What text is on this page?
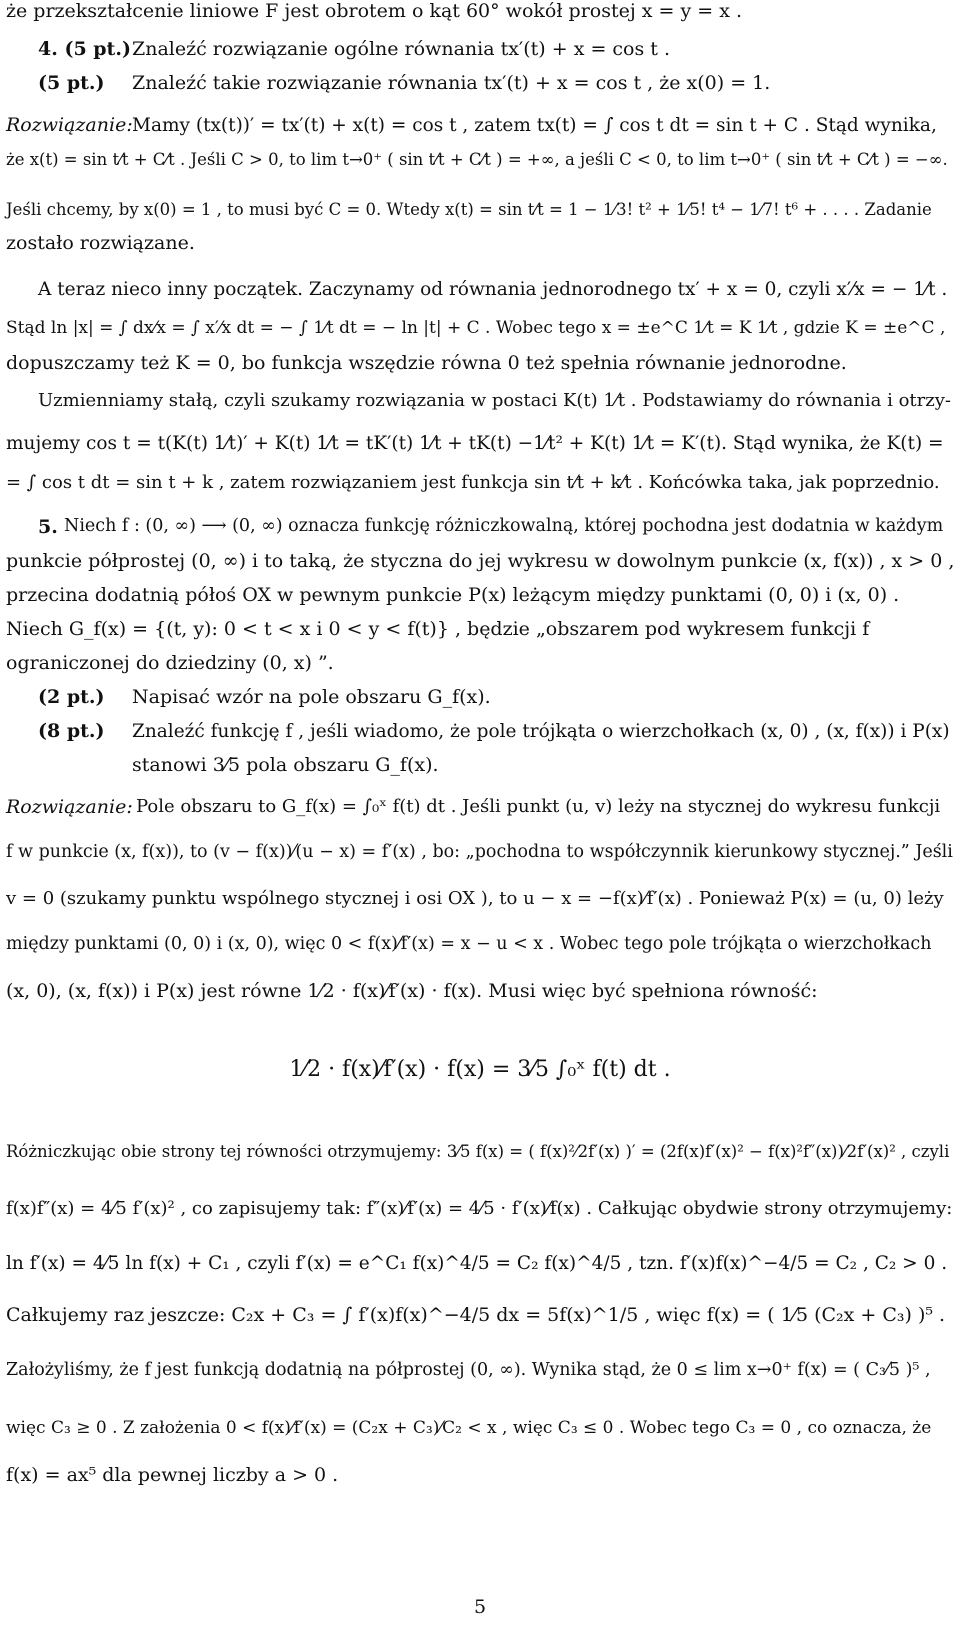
że przekształcenie liniowe F jest obrotem o kąt 60° wokół prostej x = y = x .
4. (5 pt.) Znaleźć rozwiązanie ogólne równania tx′(t) + x = cos t .
(5 pt.) Znaleźć takie rozwiązanie równania tx′(t) + x = cos t , że x(0) = 1.
Rozwiązanie: Mamy (tx(t))′ = tx′(t) + x(t) = cos t , zatem tx(t) = ∫ cos t dt = sin t + C . Stąd wynika,
że x(t) = sin t⁄t + C⁄t . Jeśli C > 0, to lim t→0⁺ ( sin t⁄t + C⁄t ) = +∞, a jeśli C < 0, to lim t→0⁺ ( sin t⁄t + C⁄t ) = −∞.
Jeśli chcemy, by x(0) = 1 , to musi być C = 0. Wtedy x(t) = sin t⁄t = 1 − 1⁄3! t² + 1⁄5! t⁴ − 1⁄7! t⁶ + . . . . Zadanie
zostało rozwiązane.
A teraz nieco inny początek. Zaczynamy od równania jednorodnego tx′ + x = 0, czyli x′⁄x = − 1⁄t .
Stąd ln |x| = ∫ dx⁄x = ∫ x′⁄x dt = − ∫ 1⁄t dt = − ln |t| + C . Wobec tego x = ±e^C 1⁄t = K 1⁄t , gdzie K = ±e^C ,
dopuszczamy też K = 0, bo funkcja wszędzie równa 0 też spełnia równanie jednorodne.
Uzmienniamy stałą, czyli szukamy rozwiązania w postaci K(t) 1⁄t . Podstawiamy do równania i otrzy-
mujemy cos t = t(K(t) 1⁄t)′ + K(t) 1⁄t = tK′(t) 1⁄t + tK(t) −1⁄t² + K(t) 1⁄t = K′(t). Stąd wynika, że K(t) =
= ∫ cos t dt = sin t + k , zatem rozwiązaniem jest funkcja sin t⁄t + k⁄t . Końcówka taka, jak poprzednio.
5. Niech f : (0, ∞) ⟶ (0, ∞) oznacza funkcję różniczkowalną, której pochodna jest dodatnia w każdym
punkcie półprostej (0, ∞) i to taką, że styczna do jej wykresu w dowolnym punkcie (x, f(x)) , x > 0 ,
przecina dodatnią półoś OX w pewnym punkcie P(x) leżącym między punktami (0, 0) i (x, 0) .
Niech G_f(x) = {(t, y): 0 < t < x i 0 < y < f(t)} , będzie „obszarem pod wykresem funkcji f
ograniczonej do dziedziny (0, x) ”.
(2 pt.) Napisać wzór na pole obszaru G_f(x).
(8 pt.) Znaleźć funkcję f , jeśli wiadomo, że pole trójkąta o wierzchołkach (x, 0) , (x, f(x)) i P(x)
stanowi 3⁄5 pola obszaru G_f(x).
Rozwiązanie: Pole obszaru to G_f(x) = ∫₀ˣ f(t) dt . Jeśli punkt (u, v) leży na stycznej do wykresu funkcji
f w punkcie (x, f(x)), to (v − f(x))⁄(u − x) = f′(x) , bo: „pochodna to współczynnik kierunkowy stycznej.” Jeśli
v = 0 (szukamy punktu wspólnego stycznej i osi OX ), to u − x = −f(x)⁄f′(x) . Ponieważ P(x) = (u, 0) leży
między punktami (0, 0) i (x, 0), więc 0 < f(x)⁄f′(x) = x − u < x . Wobec tego pole trójkąta o wierzchołkach
(x, 0), (x, f(x)) i P(x) jest równe 1⁄2 · f(x)⁄f′(x) · f(x). Musi więc być spełniona równość:
1⁄2 · f(x)⁄f′(x) · f(x) = 3⁄5 ∫₀ˣ f(t) dt .
Różniczkując obie strony tej równości otrzymujemy: 3⁄5 f(x) = ( f(x)²⁄2f′(x) )′ = (2f(x)f′(x)² − f(x)²f″(x))⁄2f′(x)² , czyli
f(x)f″(x) = 4⁄5 f′(x)² , co zapisujemy tak: f″(x)⁄f′(x) = 4⁄5 · f′(x)⁄f(x) . Całkując obydwie strony otrzymujemy:
ln f′(x) = 4⁄5 ln f(x) + C₁ , czyli f′(x) = e^C₁ f(x)^4/5 = C₂ f(x)^4/5 , tzn. f′(x)f(x)^−4/5 = C₂ , C₂ > 0 .
Całkujemy raz jeszcze: C₂x + C₃ = ∫ f′(x)f(x)^−4/5 dx = 5f(x)^1/5 , więc f(x) = ( 1⁄5 (C₂x + C₃) )⁵ .
Założyliśmy, że f jest funkcją dodatnią na półprostej (0, ∞). Wynika stąd, że 0 ≤ lim x→0⁺ f(x) = ( C₃⁄5 )⁵ ,
więc C₃ ≥ 0 . Z założenia 0 < f(x)⁄f′(x) = (C₂x + C₃)⁄C₂ < x , więc C₃ ≤ 0 . Wobec tego C₃ = 0 , co oznacza, że
f(x) = ax⁵ dla pewnej liczby a > 0 .
5
